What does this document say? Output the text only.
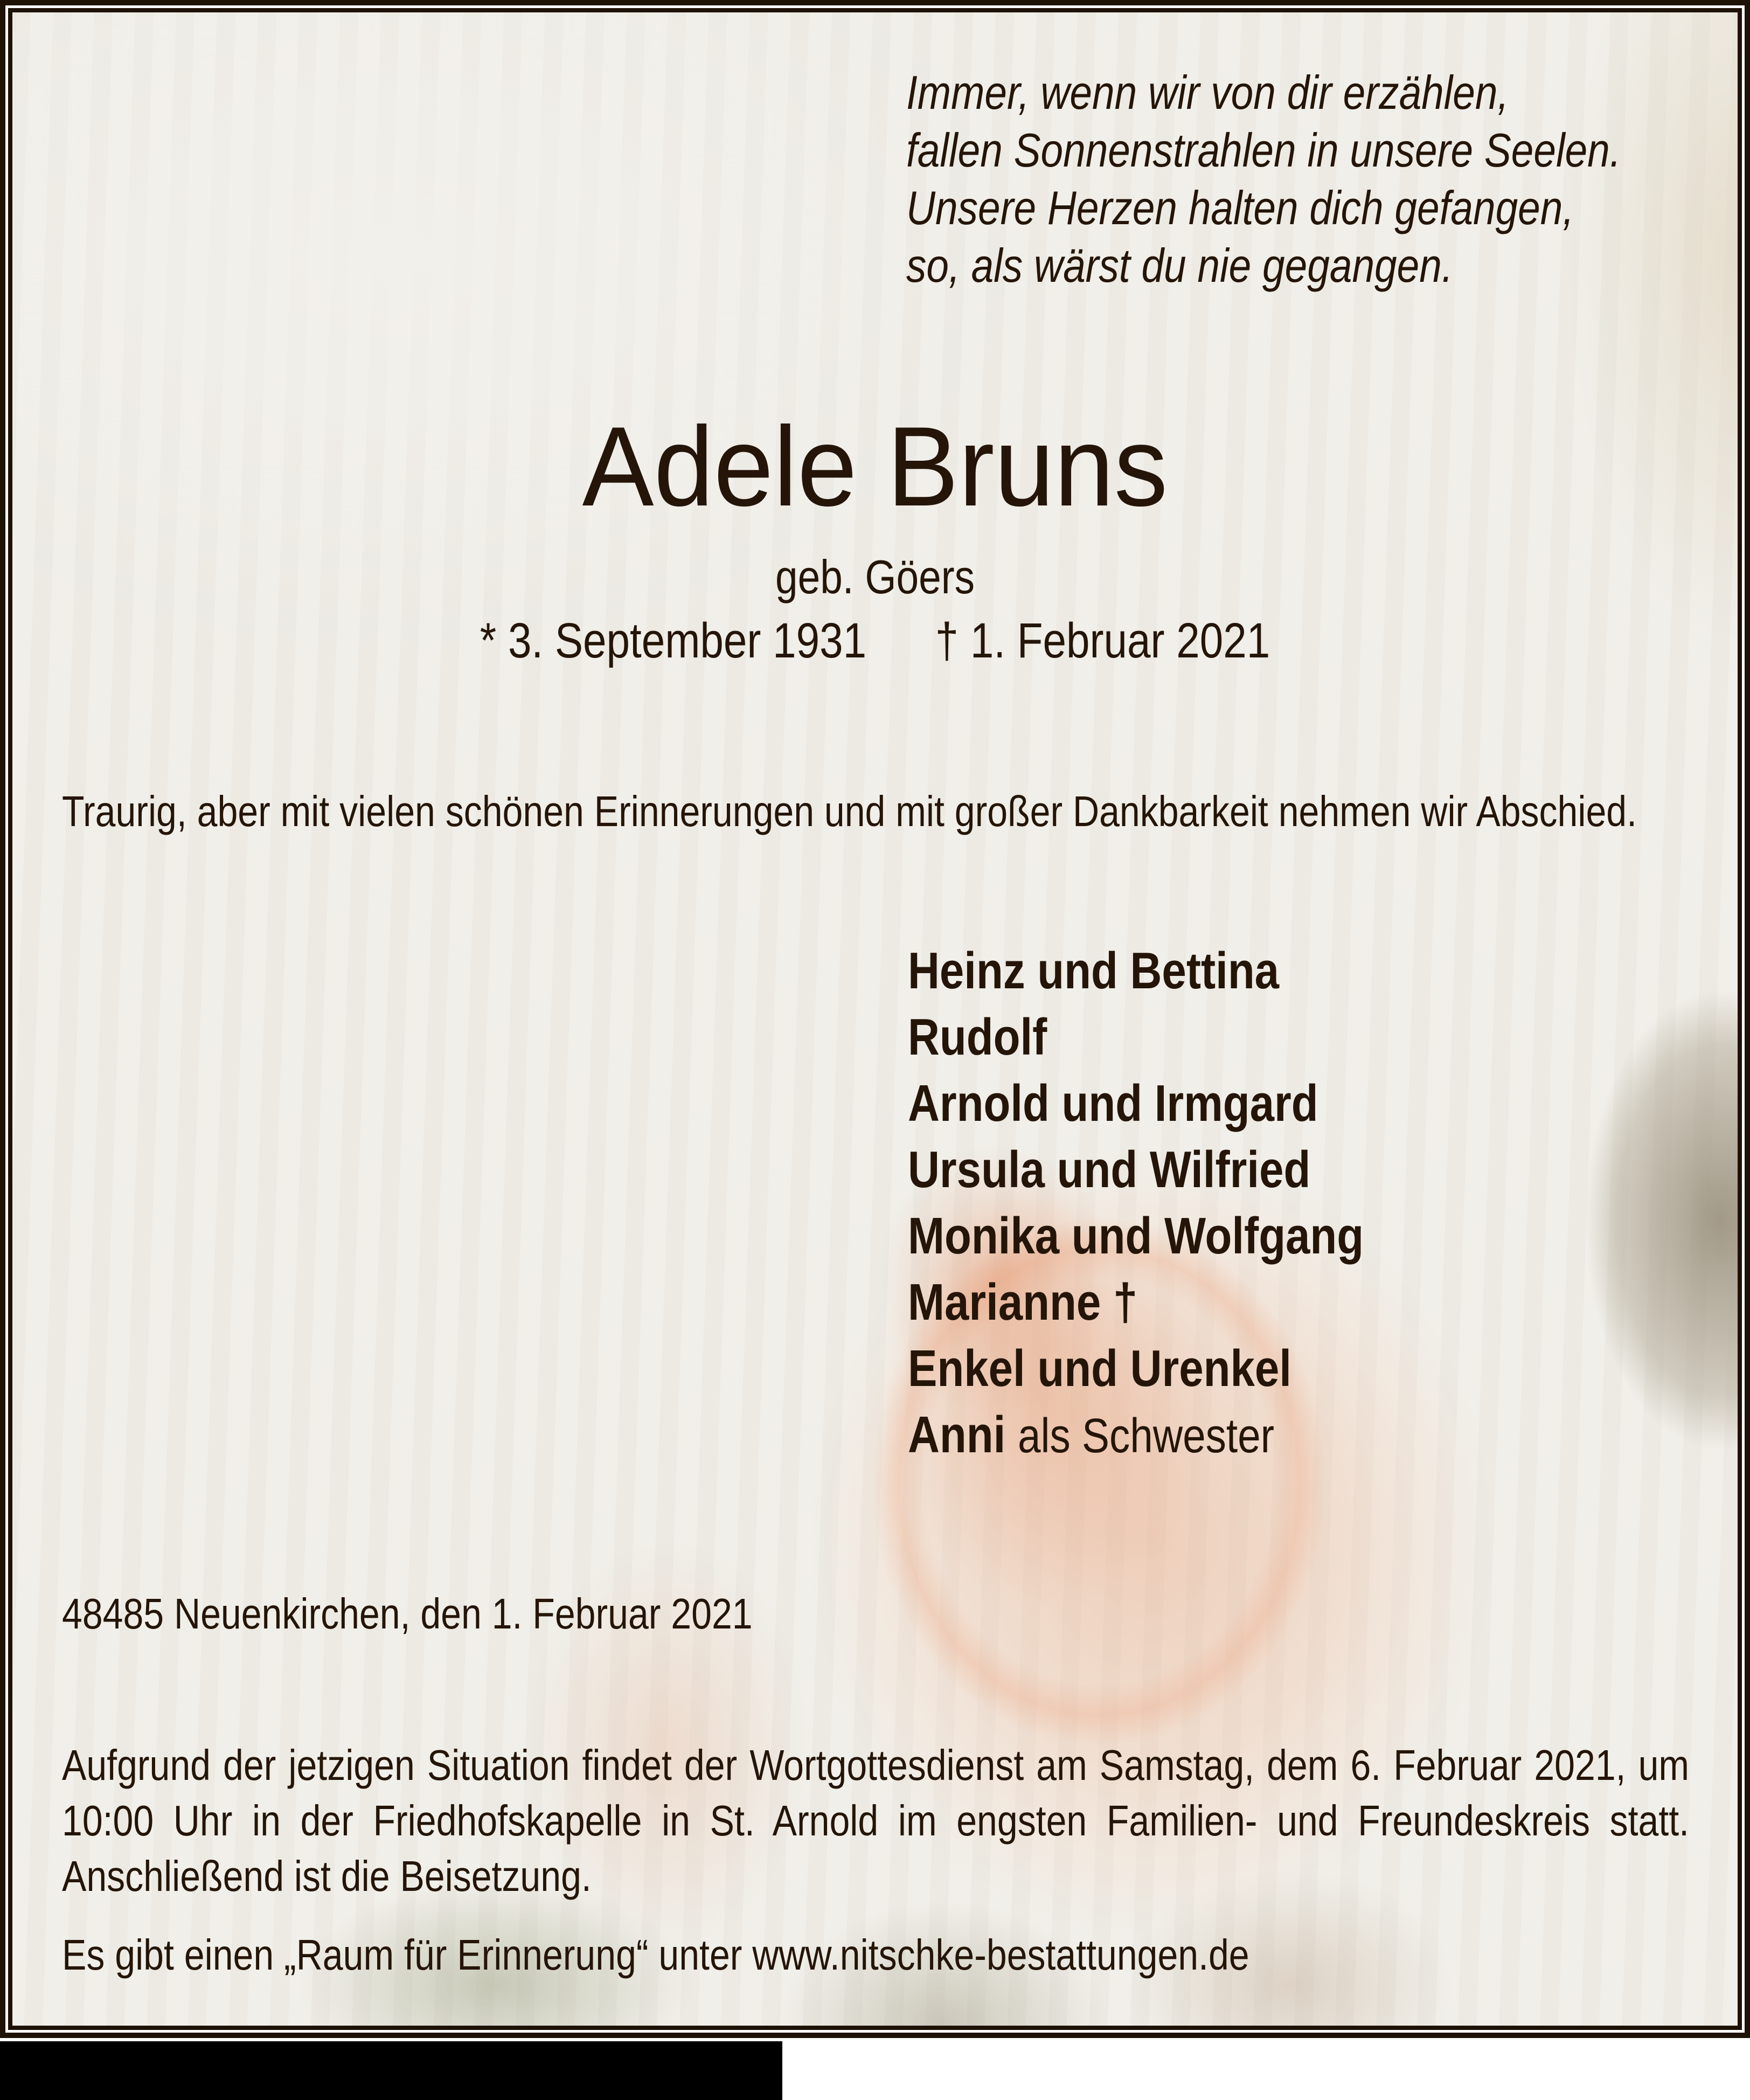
Immer, wenn wir von dir erzählen,
fallen Sonnenstrahlen in unsere Seelen.
Unsere Herzen halten dich gefangen,
so, als wärst du nie gegangen.
Adele Bruns
geb. Göers
* 3. September 1931 † 1. Februar 2021
Traurig, aber mit vielen schönen Erinnerungen und mit großer Dankbarkeit nehmen wir Abschied.
Heinz und Bettina
Rudolf
Arnold und Irmgard
Ursula und Wilfried
Monika und Wolfgang
Marianne †
Enkel und Urenkel
Anni als Schwester
48485 Neuenkirchen, den 1. Februar 2021
Aufgrund der jetzigen Situation findet der Wortgottesdienst am Samstag, dem 6. Februar 2021, um 10:00 Uhr in der Friedhofskapelle in St. Arnold im engsten Familien- und Freundeskreis statt. Anschließend ist die Beisetzung.
Es gibt einen „Raum für Erinnerung“ unter www.nitschke-bestattungen.de
